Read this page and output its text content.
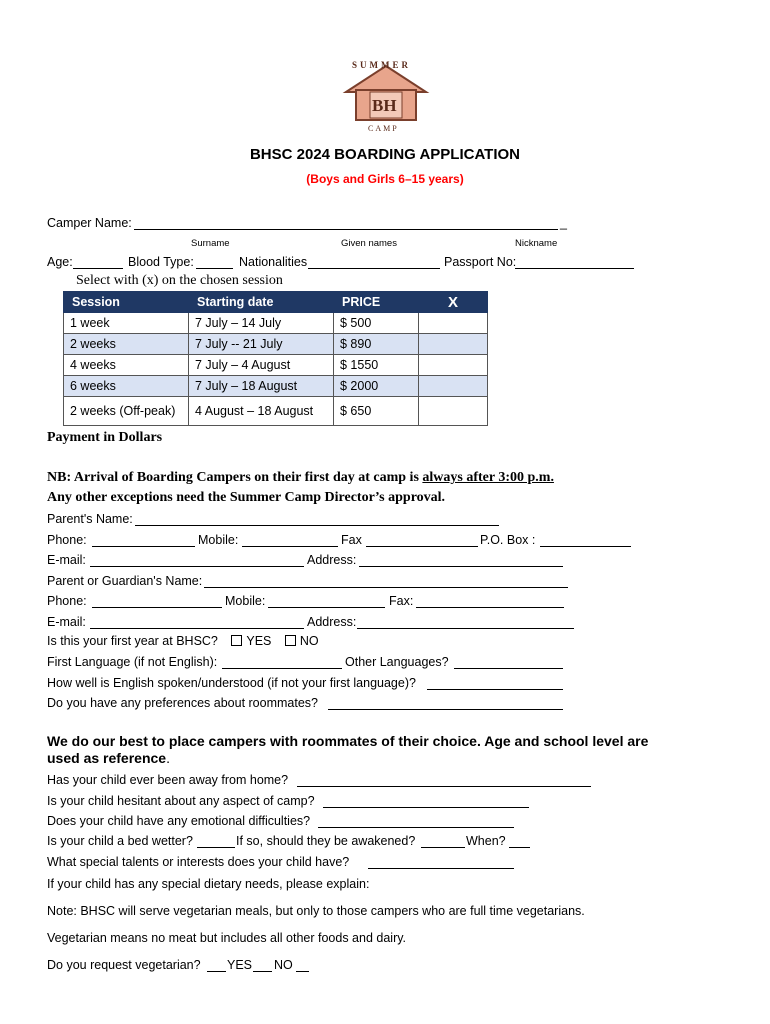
SUMMER
BH
CAMP
BHSC 2024 BOARDING APPLICATION
(Boys and Girls 6–15 years)
Camper Name:	_
Surname	Given names	Nickname
Age:	Blood Type:	Nationalities	Passport No:
Select with (x) on the chosen session
Session	Starting date	PRICE	X
1 week	7 July – 14 July	$ 500	
2 weeks	7 July -- 21 July	$ 890	
4 weeks	7 July – 4 August	$ 1550	
6 weeks	7 July – 18 August	$ 2000	
2 weeks (Off-peak)	4 August – 18 August	$ 650	
Payment in Dollars
NB: Arrival of Boarding Campers on their first day at camp is always after 3:00 p.m.
Any other exceptions need the Summer Camp Director’s approval.
Parent's Name:
Phone:	Mobile:	Fax	P.O. Box :
E-mail:	Address:
Parent or Guardian's Name:
Phone:	Mobile:	Fax:
E-mail:	Address:
Is this your first year at BHSC? YES NO
First Language (if not English):	Other Languages?
How well is English spoken/understood (if not your first language)?
Do you have any preferences about roommates?
We do our best to place campers with roommates of their choice. Age and school level are
used as reference.
Has your child ever been away from home?
Is your child hesitant about any aspect of camp?
Does your child have any emotional difficulties?
Is your child a bed wetter?	If so, should they be awakened?	When?
What special talents or interests does your child have?
If your child has any special dietary needs, please explain:
Note: BHSC will serve vegetarian meals, but only to those campers who are full time vegetarians.
Vegetarian means no meat but includes all other foods and dairy.
Do you request vegetarian? YES NO
